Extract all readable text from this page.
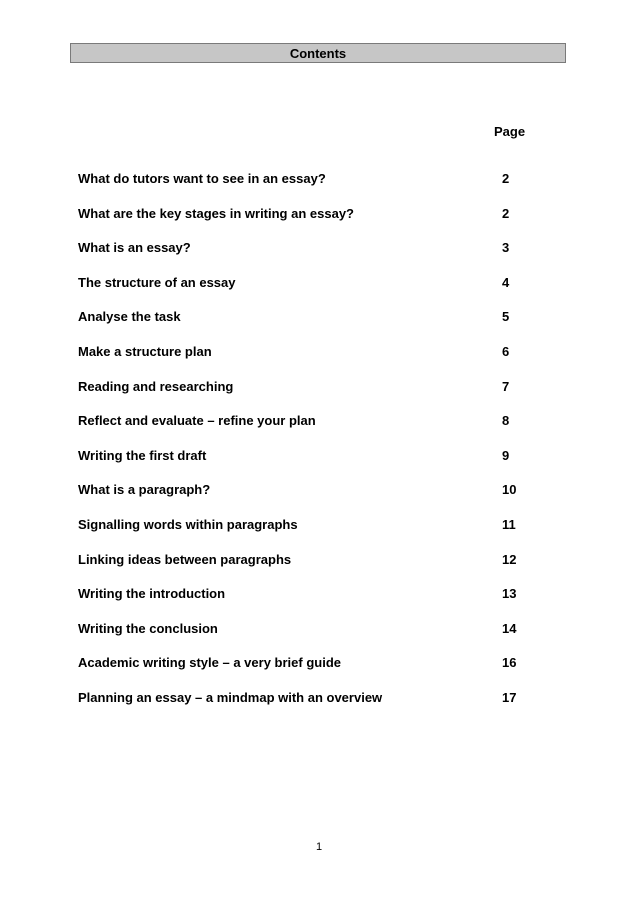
Contents
Page
What do tutors want to see in an essay?	2
What are the key stages in writing an essay?	2
What is an essay?	3
The structure of an essay	4
Analyse the task	5
Make a structure plan	6
Reading and researching	7
Reflect and evaluate – refine your plan	8
Writing the first draft	9
What is a paragraph?	10
Signalling words within paragraphs	11
Linking ideas between paragraphs	12
Writing the introduction	13
Writing the conclusion	14
Academic writing style – a very brief guide	16
Planning an essay – a mindmap with an overview	17
1
